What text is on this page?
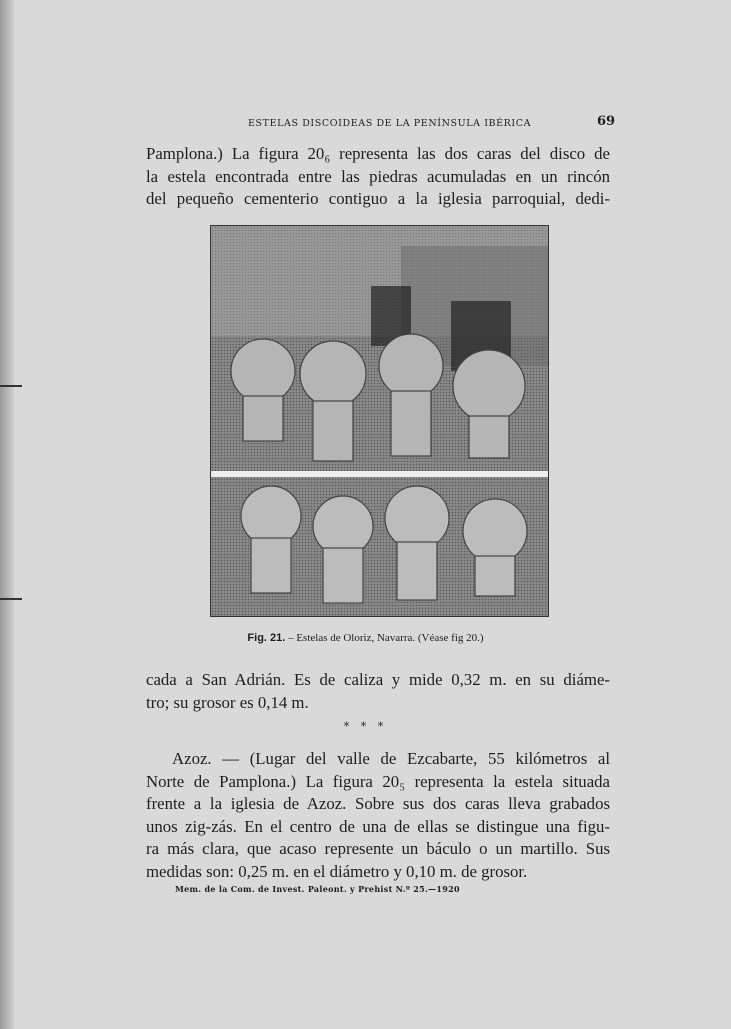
ESTELAS DISCOIDEAS DE LA PENÍNSULA IBÉRICA	69
Pamplona.) La figura 20₆ representa las dos caras del disco de
la estela encontrada entre las piedras acumuladas en un rincón
del pequeño cementerio contiguo a la iglesia parroquial, dedi-
Fig. 21. – Estelas de Oloriz, Navarra. (Véase fig 20.)
cada a San Adrián. Es de caliza y mide 0,32 m. en su diáme-
tro; su grosor es 0,14 m.
* * *
Azoz. — (Lugar del valle de Ezcabarte, 55 kilómetros al
Norte de Pamplona.) La figura 20₅ representa la estela situada
frente a la iglesia de Azoz. Sobre sus dos caras lleva grabados
unos zig-zás. En el centro de una de ellas se distingue una figu-
ra más clara, que acaso represente un báculo o un martillo. Sus
medidas son: 0,25 m. en el diámetro y 0,10 m. de grosor.
Mem. de la Com. de Invest. Paleont. y Prehist N.º 25.—1920
